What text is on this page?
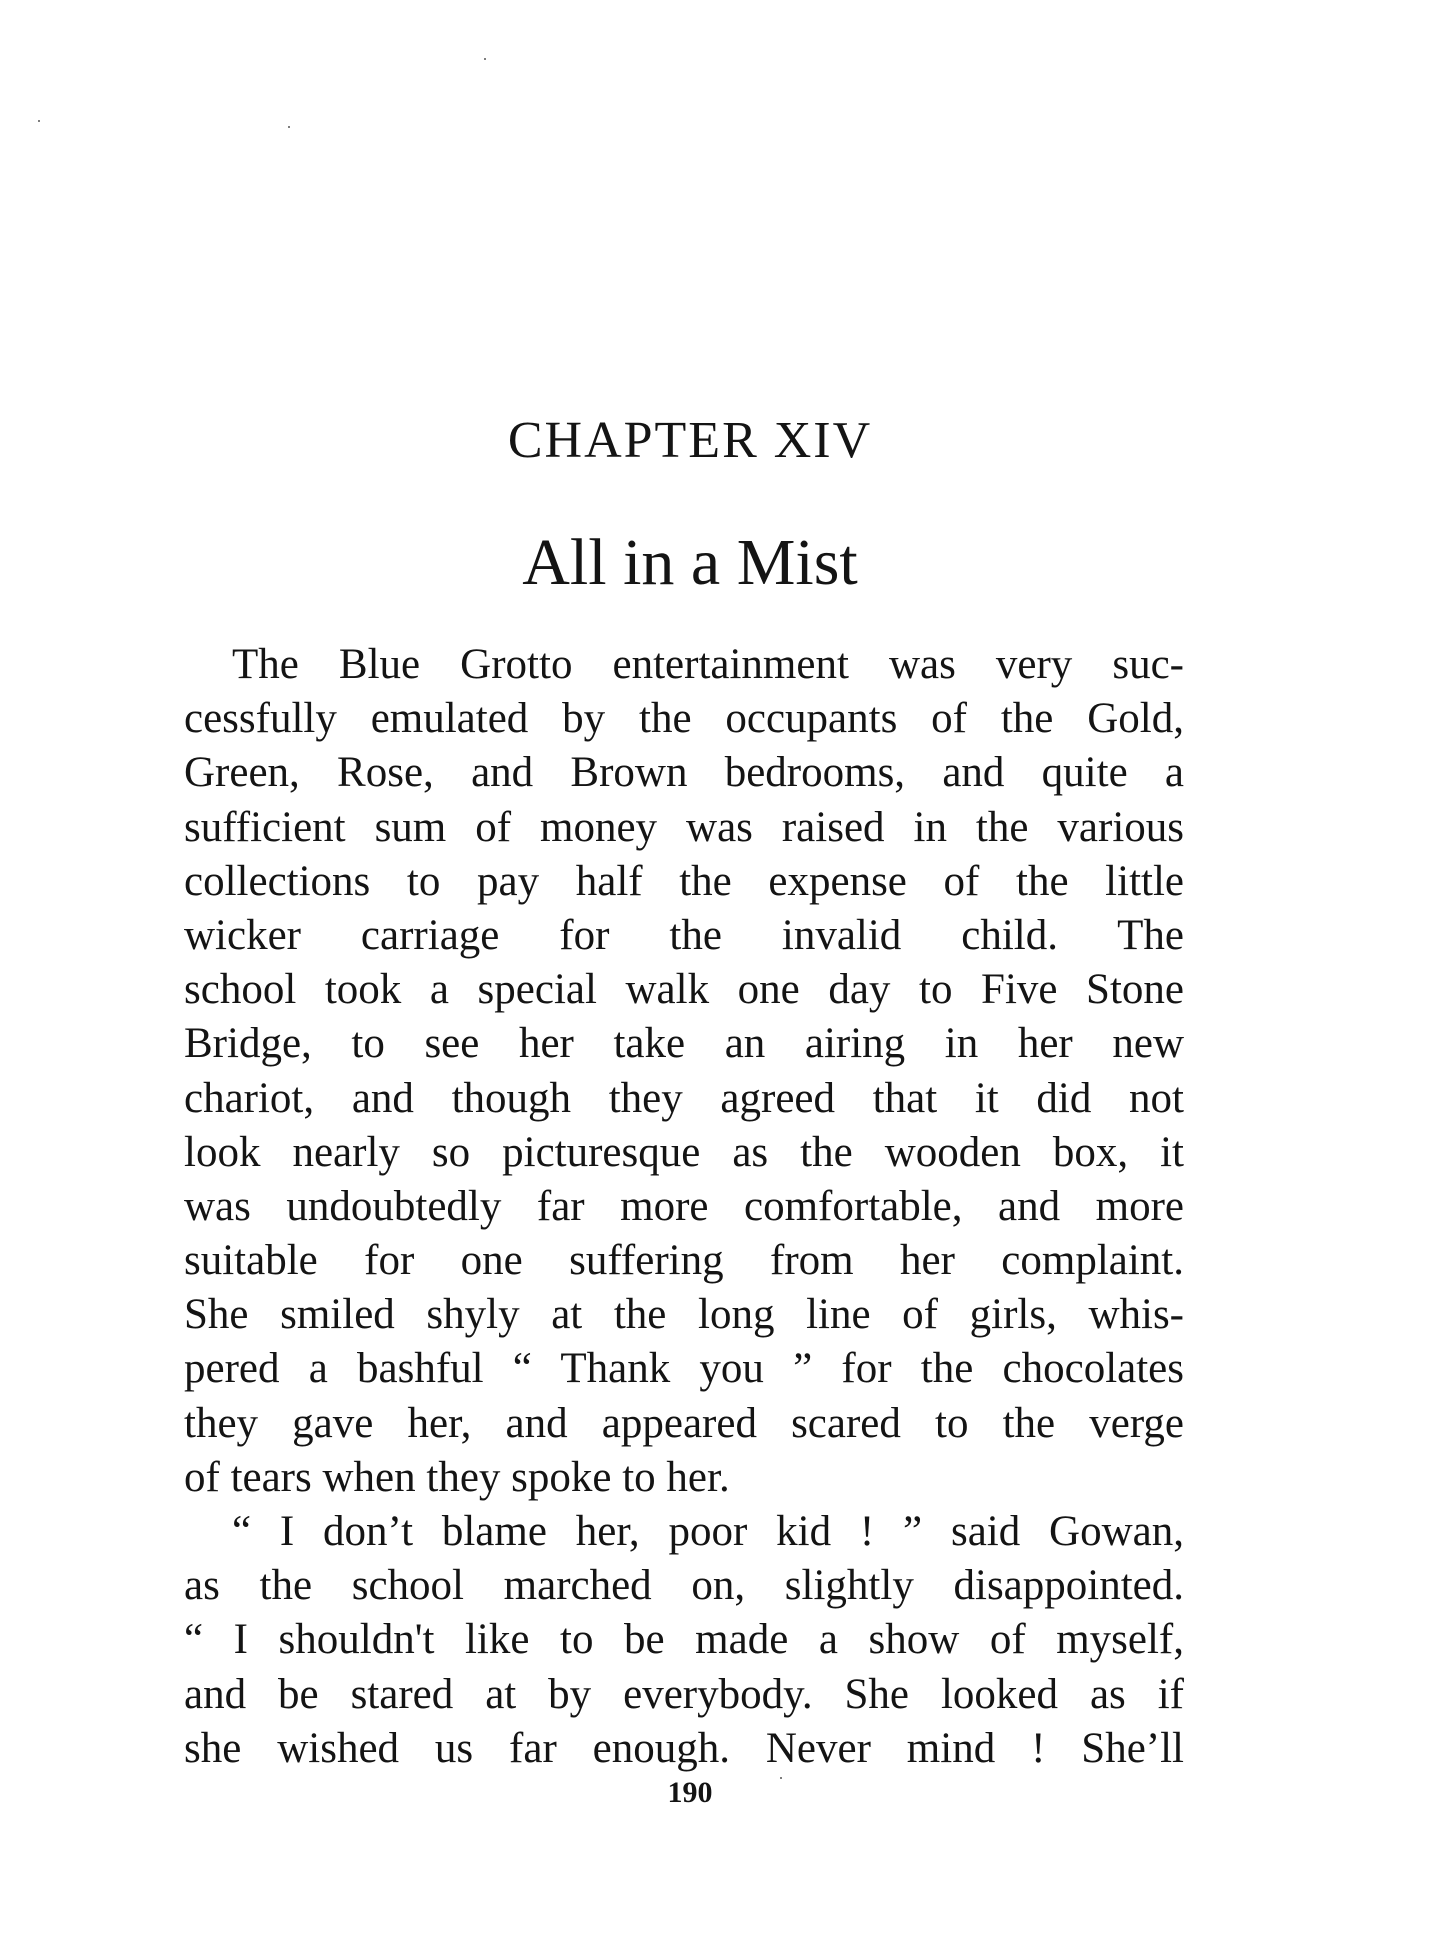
CHAPTER XIV
All in a Mist
The Blue Grotto entertainment was very suc-
cessfully emulated by the occupants of the Gold,
Green, Rose, and Brown bedrooms, and quite a
sufficient sum of money was raised in the various
collections to pay half the expense of the little
wicker carriage for the invalid child. The
school took a special walk one day to Five Stone
Bridge, to see her take an airing in her new
chariot, and though they agreed that it did not
look nearly so picturesque as the wooden box, it
was undoubtedly far more comfortable, and more
suitable for one suffering from her complaint.
She smiled shyly at the long line of girls, whis-
pered a bashful “ Thank you ” for the chocolates
they gave her, and appeared scared to the verge
of tears when they spoke to her.
“ I don’t blame her, poor kid ! ” said Gowan,
as the school marched on, slightly disappointed.
“ I shouldn't like to be made a show of myself,
and be stared at by everybody. She looked as if
she wished us far enough. Never mind ! She’ll
190
